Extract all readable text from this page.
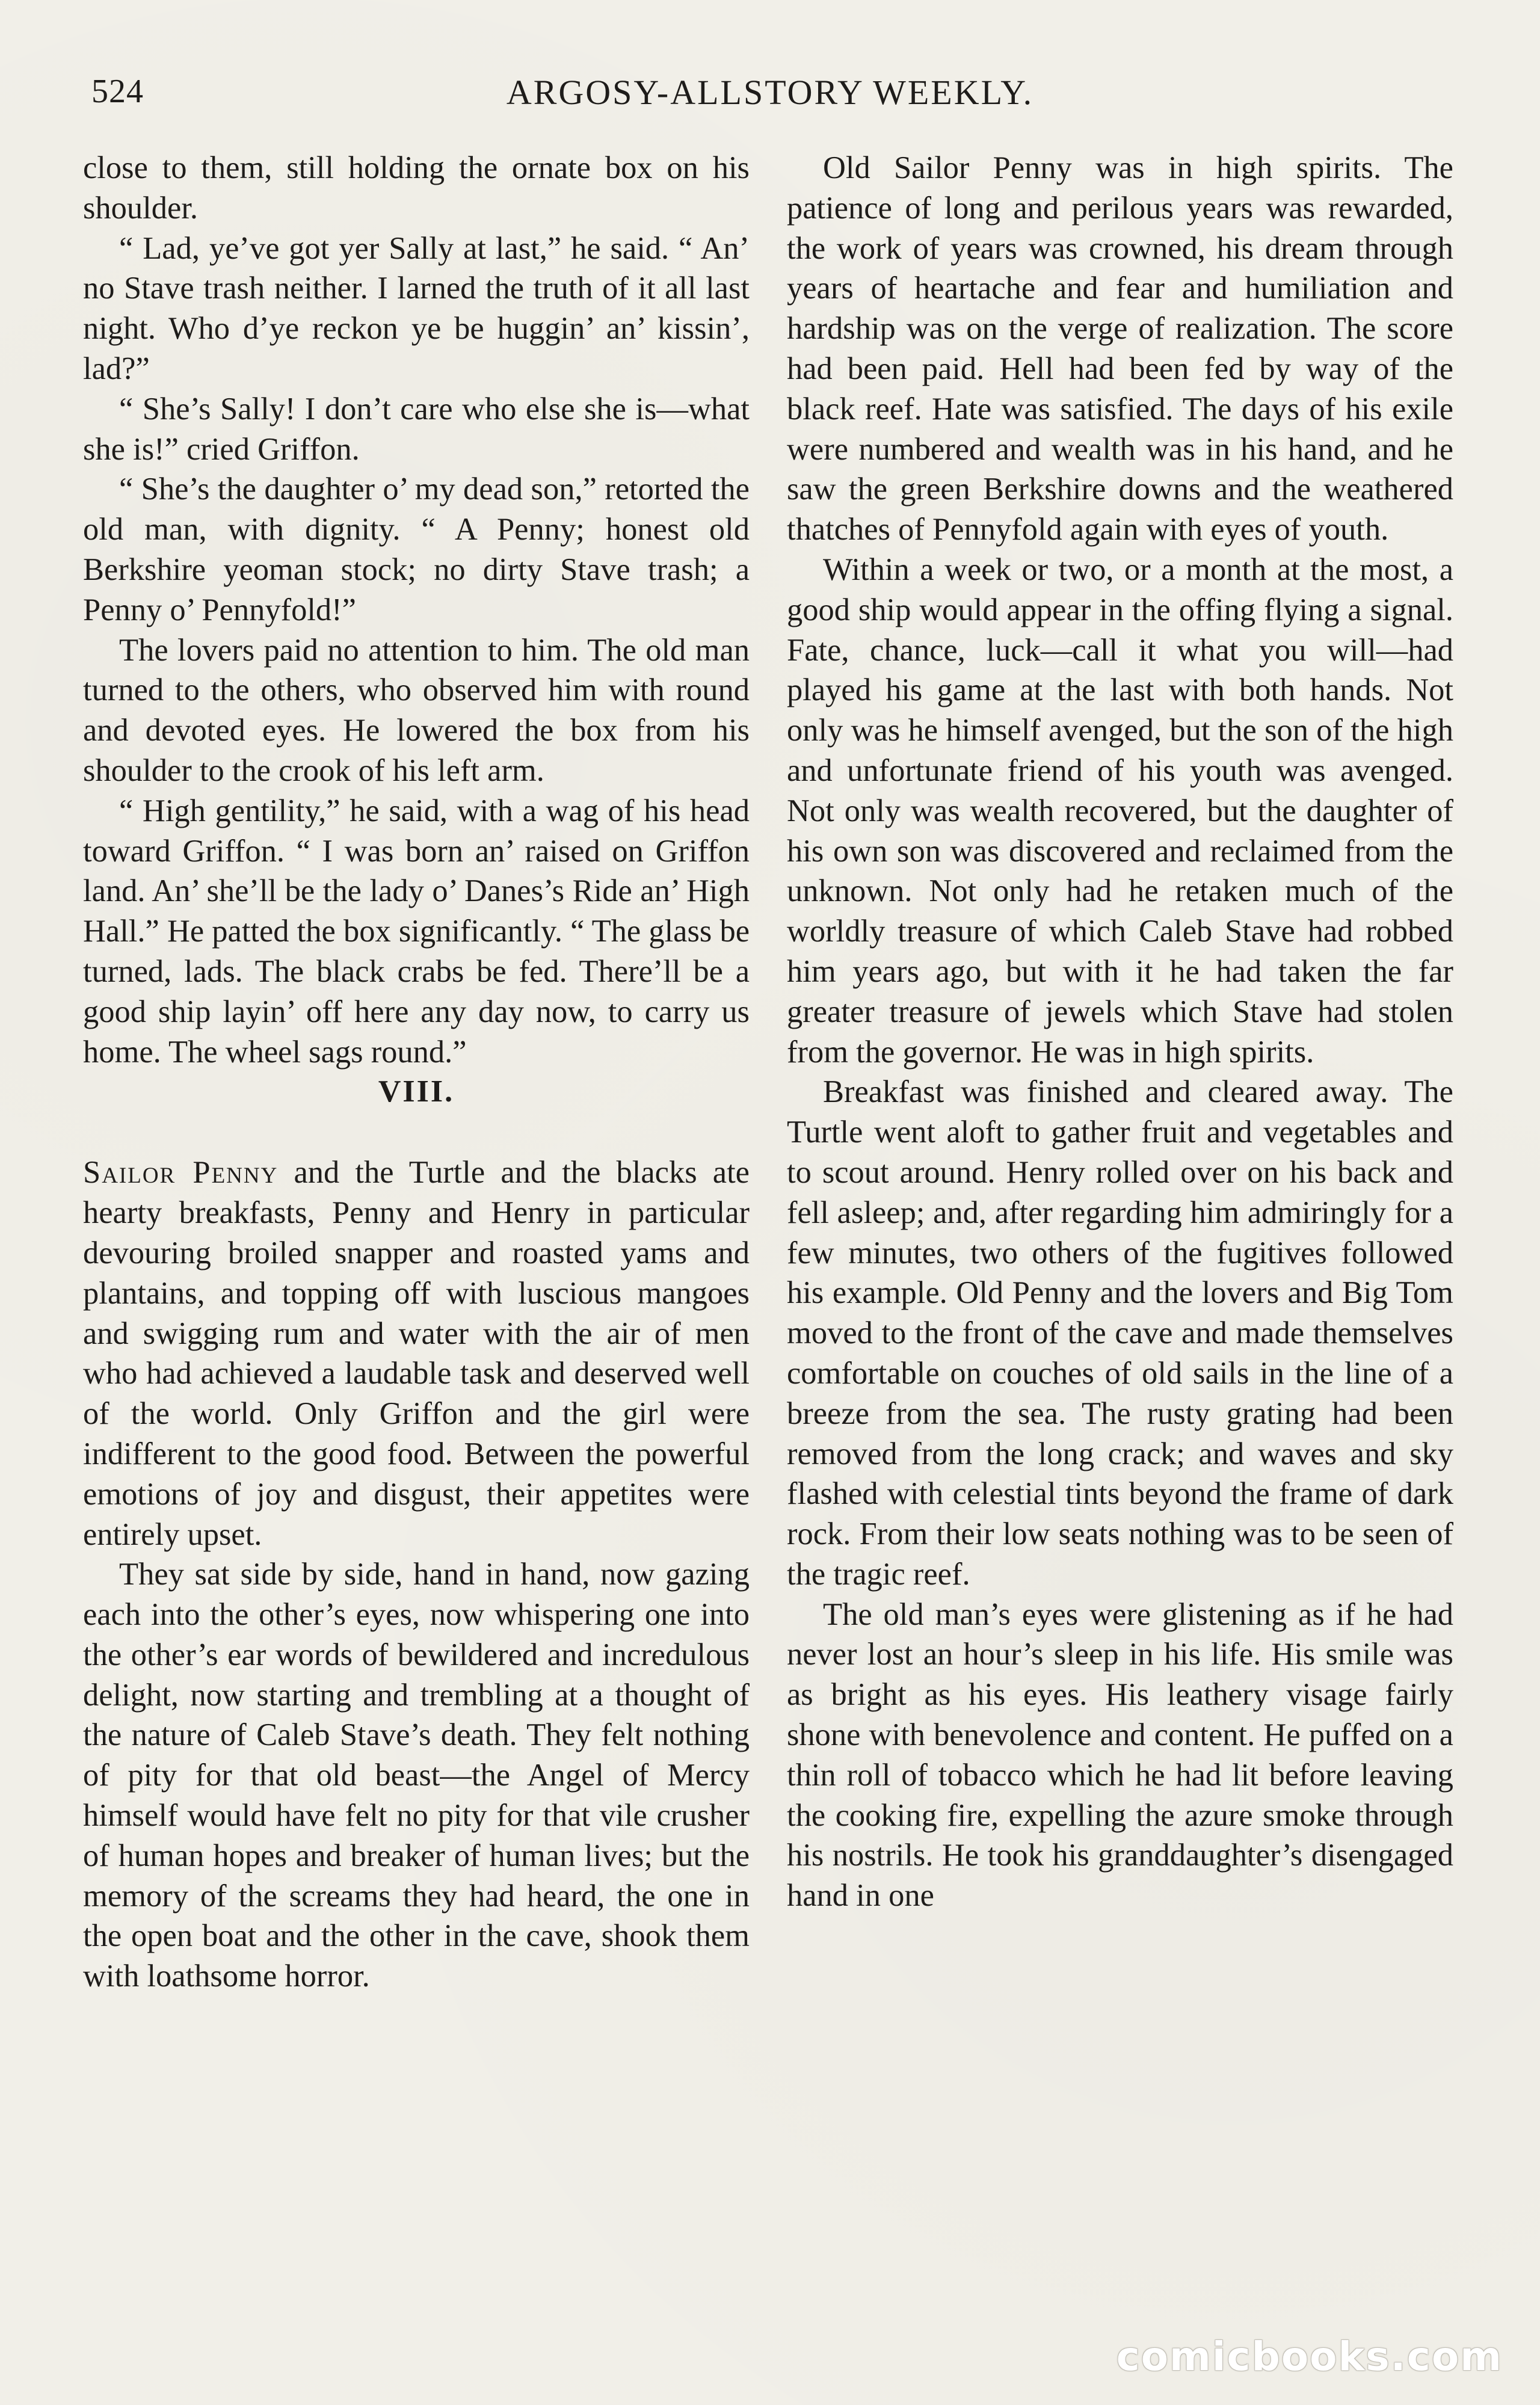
524	ARGOSY-ALLSTORY WEEKLY.

close to them, still holding the ornate box on his shoulder.

“ Lad, ye’ve got yer Sally at last,” he said. “ An’ no Stave trash neither. I larned the truth of it all last night. Who d’ye reckon ye be huggin’ an’ kissin’, lad?”

“ She’s Sally! I don’t care who else she is—what she is!” cried Griffon.

“ She’s the daughter o’ my dead son,” retorted the old man, with dignity. “ A Penny; honest old Berkshire yeoman stock; no dirty Stave trash; a Penny o’ Pennyfold!”

The lovers paid no attention to him. The old man turned to the others, who observed him with round and devoted eyes. He lowered the box from his shoulder to the crook of his left arm.

“ High gentility,” he said, with a wag of his head toward Griffon. “ I was born an’ raised on Griffon land. An’ she’ll be the lady o’ Danes’s Ride an’ High Hall.” He patted the box significantly. “ The glass be turned, lads. The black crabs be fed. There’ll be a good ship layin’ off here any day now, to carry us home. The wheel sags round.”

VIII.

Sailor Penny and the Turtle and the blacks ate hearty breakfasts, Penny and Henry in particular devouring broiled snapper and roasted yams and plantains, and topping off with luscious mangoes and swigging rum and water with the air of men who had achieved a laudable task and deserved well of the world. Only Griffon and the girl were indifferent to the good food. Between the powerful emotions of joy and disgust, their appetites were entirely upset.

They sat side by side, hand in hand, now gazing each into the other’s eyes, now whispering one into the other’s ear words of bewildered and incredulous delight, now starting and trembling at a thought of the nature of Caleb Stave’s death. They felt nothing of pity for that old beast—the Angel of Mercy himself would have felt no pity for that vile crusher of human hopes and breaker of human lives; but the memory of the screams they had heard, the one in the open boat and the other in the cave, shook them with loathsome horror.

Old Sailor Penny was in high spirits. The patience of long and perilous years was rewarded, the work of years was crowned, his dream through years of heartache and fear and humiliation and hardship was on the verge of realization. The score had been paid. Hell had been fed by way of the black reef. Hate was satisfied. The days of his exile were numbered and wealth was in his hand, and he saw the green Berkshire downs and the weathered thatches of Pennyfold again with eyes of youth.

Within a week or two, or a month at the most, a good ship would appear in the offing flying a signal. Fate, chance, luck—call it what you will—had played his game at the last with both hands. Not only was he himself avenged, but the son of the high and unfortunate friend of his youth was avenged. Not only was wealth recovered, but the daughter of his own son was discovered and reclaimed from the unknown. Not only had he retaken much of the worldly treasure of which Caleb Stave had robbed him years ago, but with it he had taken the far greater treasure of jewels which Stave had stolen from the governor. He was in high spirits.

Breakfast was finished and cleared away. The Turtle went aloft to gather fruit and vegetables and to scout around. Henry rolled over on his back and fell asleep; and, after regarding him admiringly for a few minutes, two others of the fugitives followed his example. Old Penny and the lovers and Big Tom moved to the front of the cave and made themselves comfortable on couches of old sails in the line of a breeze from the sea. The rusty grating had been removed from the long crack; and waves and sky flashed with celestial tints beyond the frame of dark rock. From their low seats nothing was to be seen of the tragic reef.

The old man’s eyes were glistening as if he had never lost an hour’s sleep in his life. His smile was as bright as his eyes. His leathery visage fairly shone with benevolence and content. He puffed on a thin roll of tobacco which he had lit before leaving the cooking fire, expelling the azure smoke through his nostrils. He took his granddaughter’s disengaged hand in one

comicbooks.com
